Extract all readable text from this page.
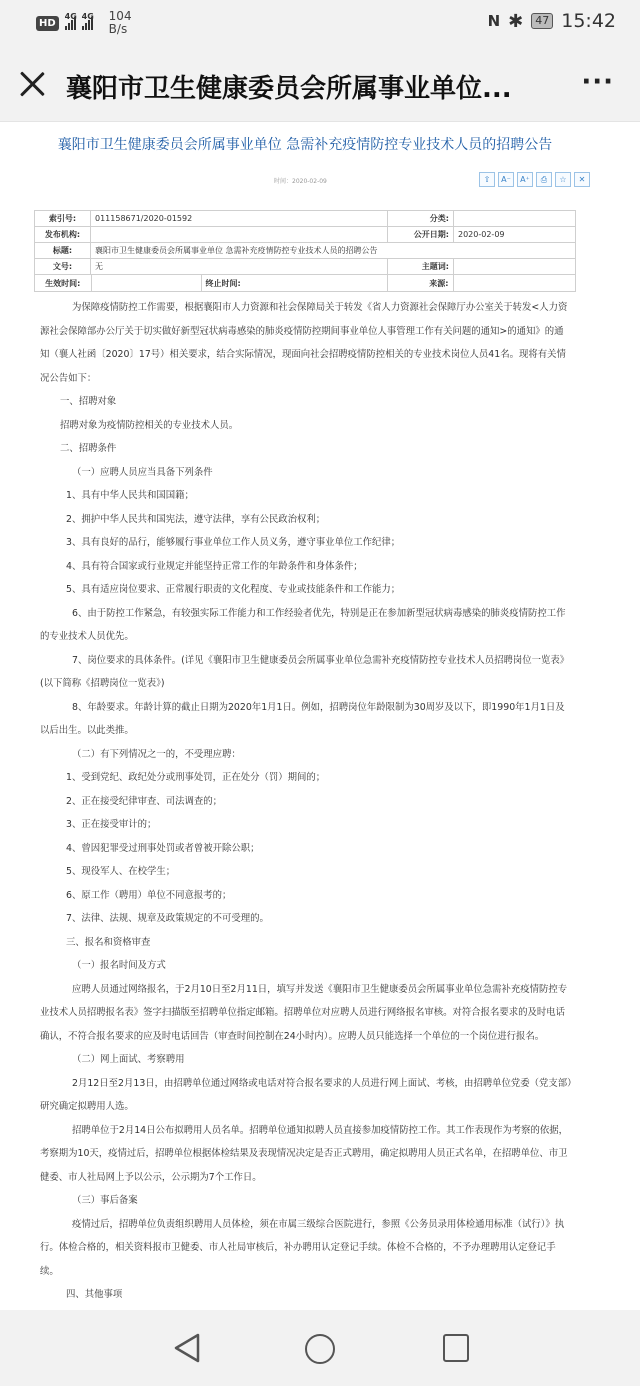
HD
4G 4G 104
B/s	N ✱	47 15:42
襄阳市卫生健康委员会所属事业单位...	···
襄阳市卫生健康委员会所属事业单位 急需补充疫情防控专业技术人员的招聘公告
时间：2020-02-09	⇧	A⁻	A⁺	⎙	☆	✕
索引号:	011158671/2020-01592	分类:	
发布机构:		公开日期:	2020-02-09
标题:	襄阳市卫生健康委员会所属事业单位 急需补充疫情防控专业技术人员的招聘公告
文号:	无	主题词:	

生效时间:		终止时间:		来源:	

为保障疫情防控工作需要，根据襄阳市人力资源和社会保障局关于转发《省人力资源社会保障厅办公室关于转发<人力资源社会保障部办公厅关于切实做好新型冠状病毒感染的肺炎疫情防控期间事业单位人事管理工作有关问题的通知>的通知》的通知（襄人社函〔2020〕17号）相关要求，结合实际情况，现面向社会招聘疫情防控相关的专业技术岗位人员41名。现将有关情况公告如下：

一、招聘对象

招聘对象为疫情防控相关的专业技术人员。

二、招聘条件

（一）应聘人员应当具备下列条件

1、具有中华人民共和国国籍；

2、拥护中华人民共和国宪法，遵守法律，享有公民政治权利；

3、具有良好的品行，能够履行事业单位工作人员义务，遵守事业单位工作纪律；

4、具有符合国家或行业规定并能坚持正常工作的年龄条件和身体条件；

5、具有适应岗位要求、正常履行职责的文化程度、专业或技能条件和工作能力；

6、由于防控工作紧急，有较强实际工作能力和工作经验者优先，特别是正在参加新型冠状病毒感染的肺炎疫情防控工作的专业技术人员优先。

7、岗位要求的具体条件。(详见《襄阳市卫生健康委员会所属事业单位急需补充疫情防控专业技术人员招聘岗位一览表》(以下简称《招聘岗位一览表》)

8、年龄要求。年龄计算的截止日期为2020年1月1日。例如，招聘岗位年龄限制为30周岁及以下，即1990年1月1日及以后出生。以此类推。

（二）有下列情况之一的，不受理应聘：

1、受到党纪、政纪处分或刑事处罚，正在处分（罚）期间的；

2、正在接受纪律审查、司法调查的；

3、正在接受审计的；

4、曾因犯罪受过刑事处罚或者曾被开除公职；

5、现役军人、在校学生；

6、原工作（聘用）单位不同意报考的；

7、法律、法规、规章及政策规定的不可受理的。

三、报名和资格审查

（一）报名时间及方式

应聘人员通过网络报名，于2月10日至2月11日，填写并发送《襄阳市卫生健康委员会所属事业单位急需补充疫情防控专业技术人员招聘报名表》签字扫描版至招聘单位指定邮箱。招聘单位对应聘人员进行网络报名审核。对符合报名要求的及时电话确认，不符合报名要求的应及时电话回告（审查时间控制在24小时内）。应聘人员只能选择一个单位的一个岗位进行报名。

（二）网上面试、考察聘用

2月12日至2月13日，由招聘单位通过网络或电话对符合报名要求的人员进行网上面试、考核，由招聘单位党委（党支部）研究确定拟聘用人选。

招聘单位于2月14日公布拟聘用人员名单。招聘单位通知拟聘人员直接参加疫情防控工作。其工作表现作为考察的依据，考察期为10天，疫情过后，招聘单位根据体检结果及表现情况决定是否正式聘用，确定拟聘用人员正式名单，在招聘单位、市卫健委、市人社局网上予以公示，公示期为7个工作日。

（三）事后备案

疫情过后，招聘单位负责组织聘用人员体检，须在市属三级综合医院进行，参照《公务员录用体检通用标准（试行）》执行。体检合格的，相关资料报市卫健委、市人社局审核后，补办聘用认定登记手续。体检不合格的，不予办理聘用认定登记手续。

四、其他事项
